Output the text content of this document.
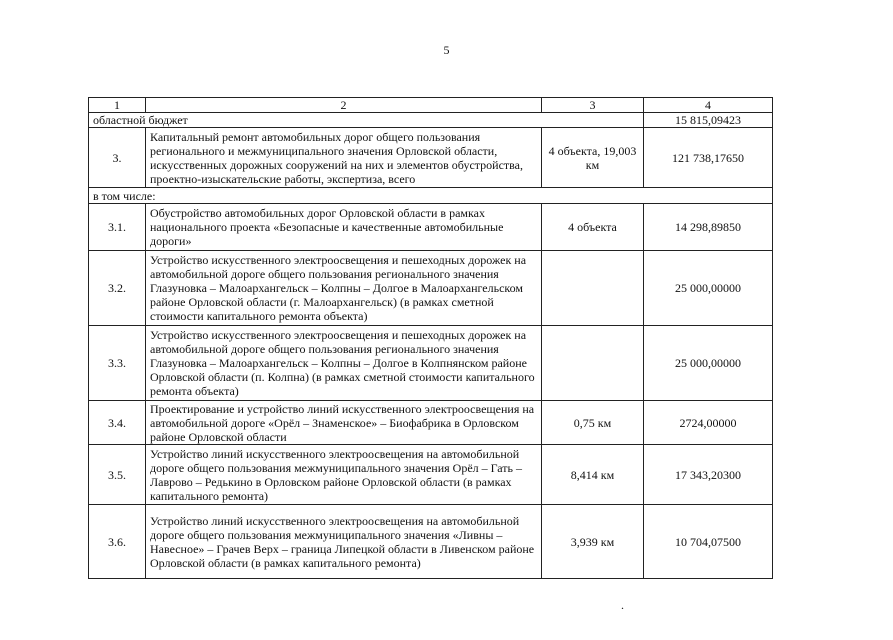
5
1	2	3	4
областной бюджет			15 815,09423
3.	Капитальный ремонт автомобильных дорог общего пользования регионального и межмуниципального значения Орловской области, искусственных дорожных сооружений на них и элементов обустройства, проектно-изыскательские работы, экспертиза, всего	4 объекта, 19,003 км	121 738,17650
в том числе:			
3.1.	Обустройство автомобильных дорог Орловской области в рамках национального проекта «Безопасные и качественные автомобильные дороги»	4 объекта	14 298,89850
3.2.	Устройство искусственного электроосвещения и пешеходных дорожек на автомобильной дороге общего пользования регионального значения Глазуновка – Малоархангельск – Колпны – Долгое в Малоархангельском районе Орловской области (г. Малоархангельск) (в рамках сметной стоимости капитального ремонта объекта)		25 000,00000
3.3.	Устройство искусственного электроосвещения и пешеходных дорожек на автомобильной дороге общего пользования регионального значения Глазуновка – Малоархангельск – Колпны – Долгое в Колпнянском районе Орловской области (п. Колпна) (в рамках сметной стоимости капитального ремонта объекта)		25 000,00000
3.4.	Проектирование и устройство линий искусственного электроосвещения на автомобильной дороге «Орёл – Знаменское» – Биофабрика в Орловском районе Орловской области	0,75 км	2724,00000
3.5.	Устройство линий искусственного электроосвещения на автомобильной дороге общего пользования межмуниципального значения Орёл – Гать – Лаврово – Редькино в Орловском районе Орловской области (в рамках капитального ремонта)	8,414 км	17 343,20300
3.6.	Устройство линий искусственного электроосвещения на автомобильной дороге общего пользования межмуниципального значения «Ливны – Навесное» – Грачев Верх – граница Липецкой области в Ливенском районе Орловской области (в рамках капитального ремонта)	3,939 км	10 704,07500
.
